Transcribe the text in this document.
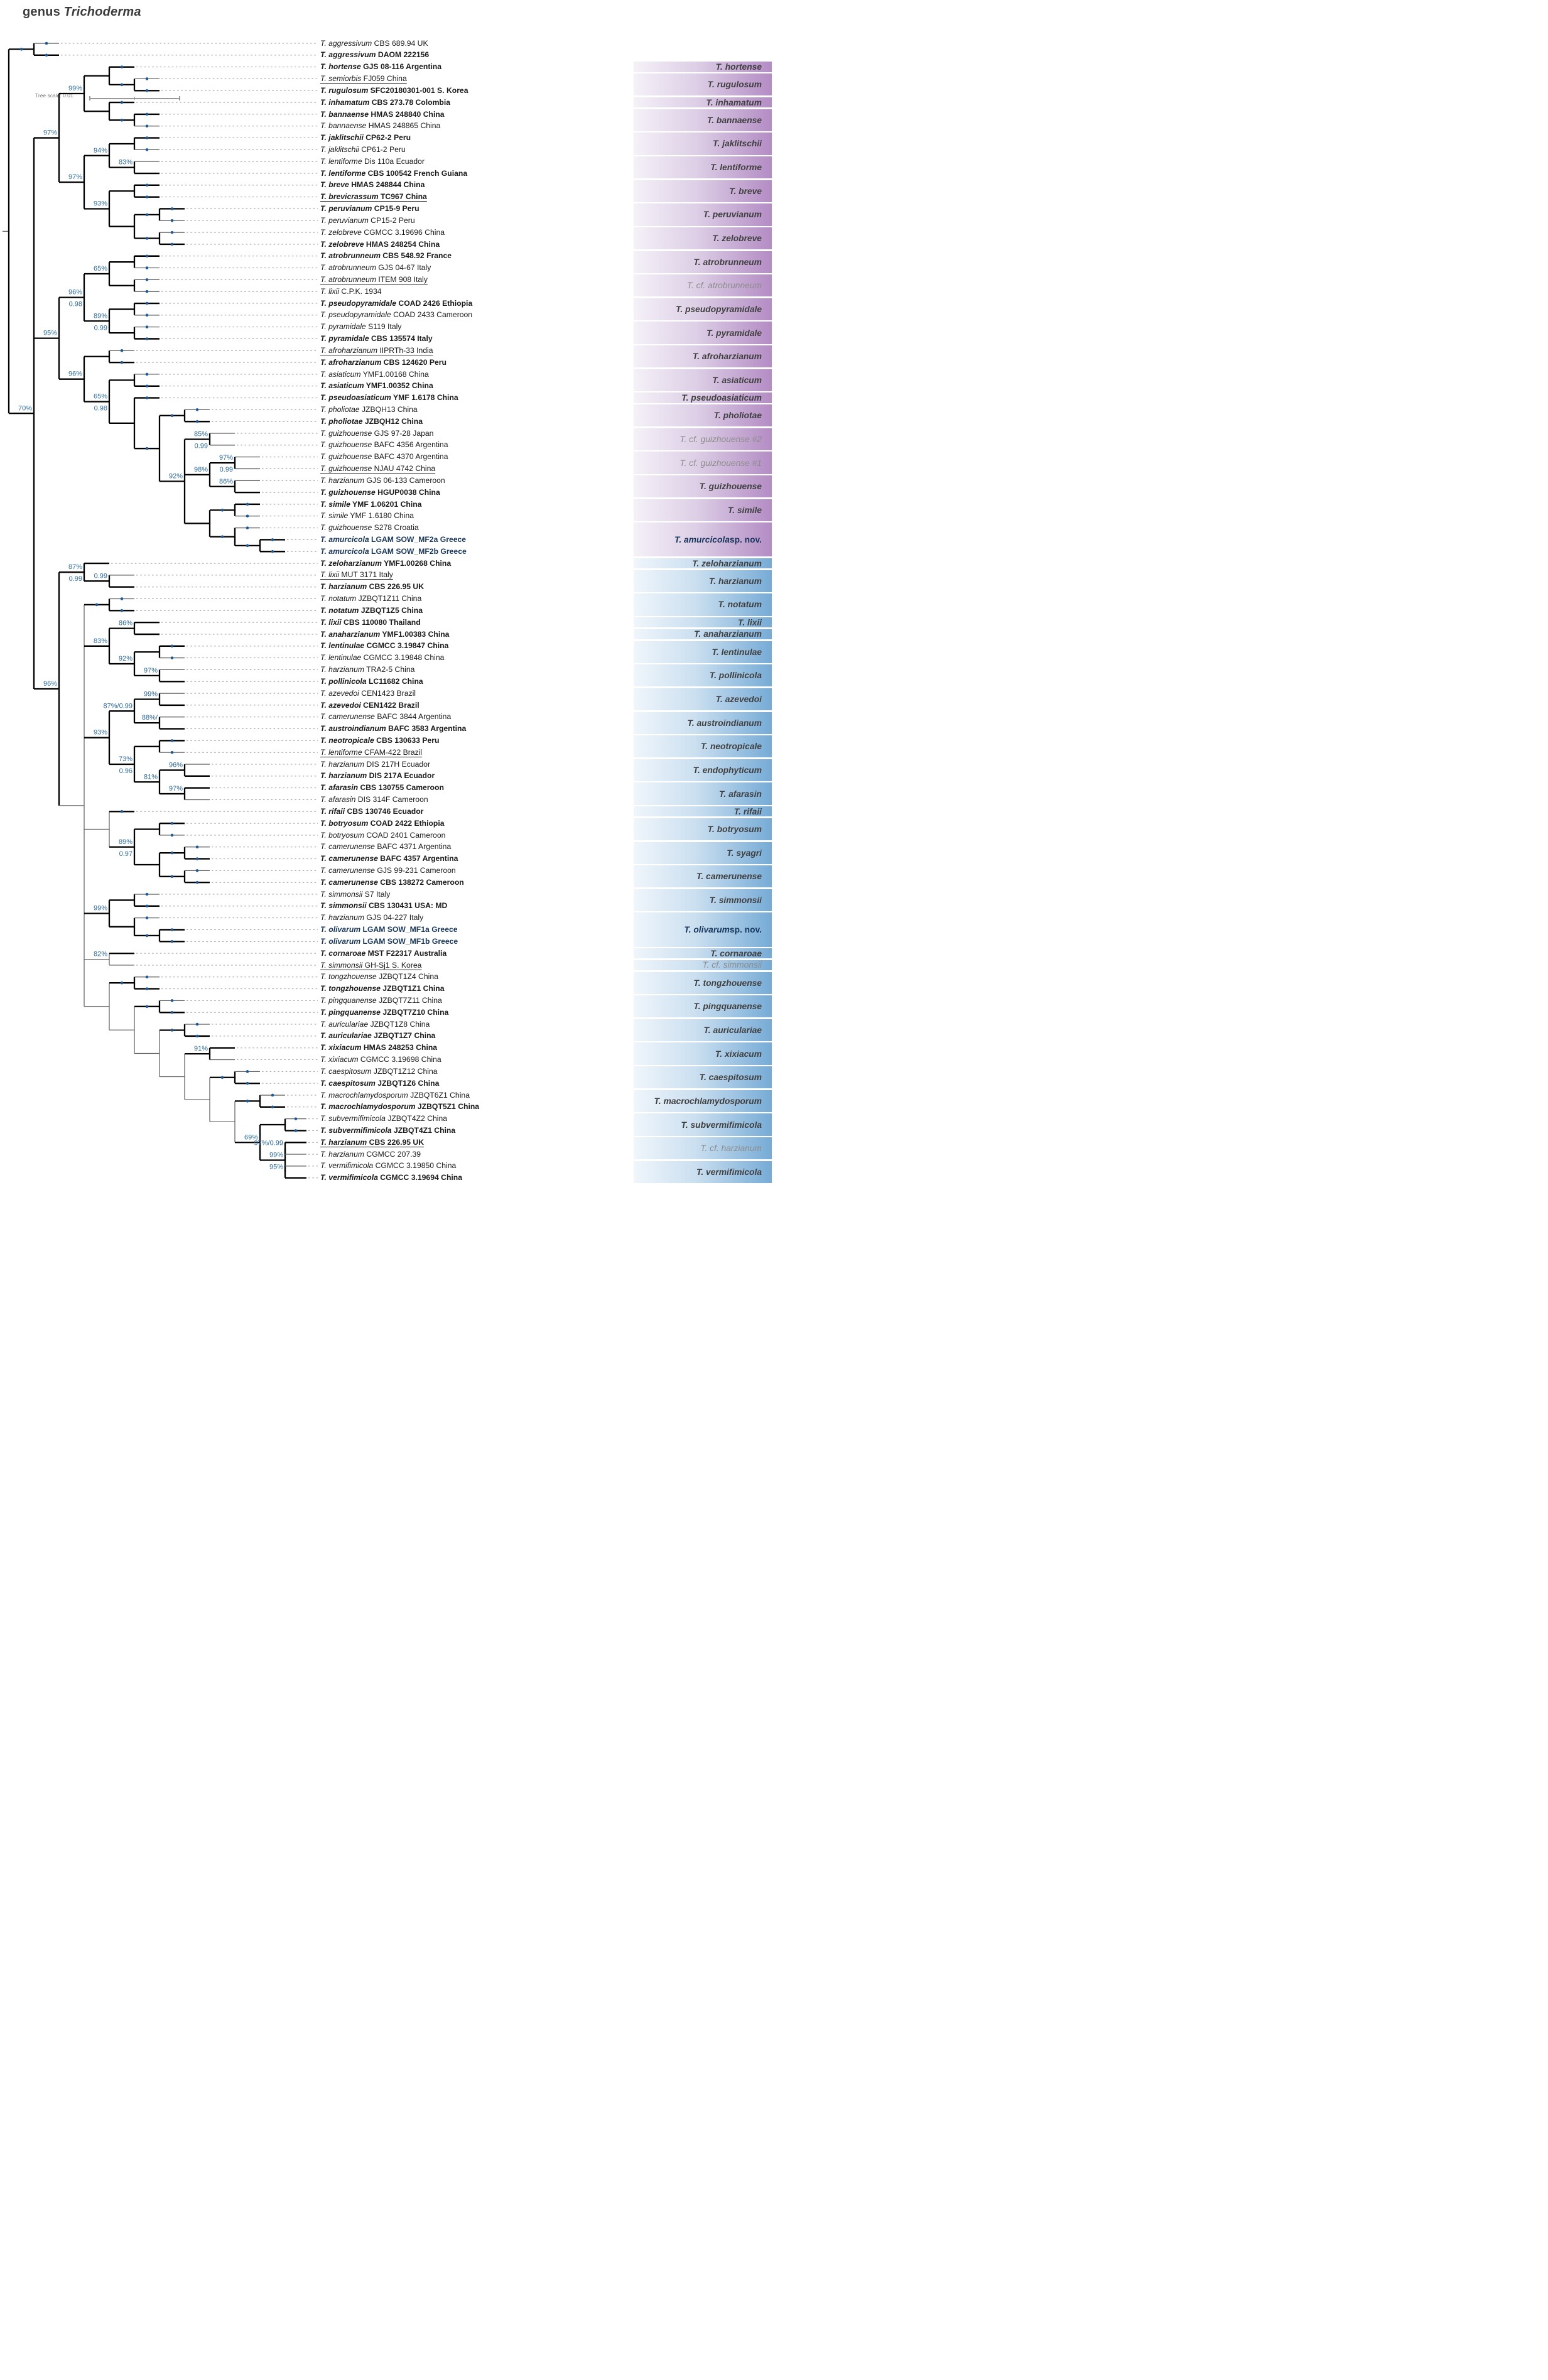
genus Trichoderma
Tree scale: 0.01
T. hortense
T. rugulosum
T. inhamatum
T. bannaense
T. jaklitschii
T. lentiforme
T. breve
T. peruvianum
T. zelobreve
T. atrobrunneum
T. cf. atrobrunneum
T. pseudopyramidale
T. pyramidale
T. afroharzianum
T. asiaticum
T. pseudoasiaticum
T. pholiotae
T. cf. guizhouense #2
T. cf. guizhouense #1
T. guizhouense
T. simile
T. amurcicola sp. nov.
T. zeloharzianum
T. harzianum
T. notatum
T. lixii
T. anaharzianum
T. lentinulae
T. pollinicola
T. azevedoi
T. austroindianum
T. neotropicale
T. endophyticum
T. afarasin
T. rifaii
T. botryosum
T. syagri
T. camerunense
T. simmonsii
T. olivarum sp. nov.
T. cornaroae
T. cf. simmonsii
T. tongzhouense
T. pingquanense
T. auriculariae
T. xixiacum
T. caespitosum
T. macrochlamydosporum
T. subvermifimicola
T. cf. harzianum
T. vermifimicola
T. aggressivum CBS 689.94 UK
T. aggressivum DAOM 222156
T. hortense GJS 08-116 Argentina
T. semiorbis FJ059 China
T. rugulosum SFC20180301-001 S. Korea
T. inhamatum CBS 273.78 Colombia
T. bannaense HMAS 248840 China
T. bannaense HMAS 248865 China
T. jaklitschii CP62-2 Peru
T. jaklitschii CP61-2 Peru
T. lentiforme Dis 110a Ecuador
T. lentiforme CBS 100542 French Guiana
T. breve HMAS 248844 China
T. brevicrassum TC967 China
T. peruvianum CP15-9 Peru
T. peruvianum CP15-2 Peru
T. zelobreve CGMCC 3.19696 China
T. zelobreve HMAS 248254 China
T. atrobrunneum CBS 548.92 France
T. atrobrunneum GJS 04-67 Italy
T. atrobrunneum ITEM 908 Italy
T. lixii C.P.K. 1934
T. pseudopyramidale COAD 2426 Ethiopia
T. pseudopyramidale COAD 2433 Cameroon
T. pyramidale S119 Italy
T. pyramidale CBS 135574 Italy
T. afroharzianum IIPRTh-33 India
T. afroharzianum CBS 124620 Peru
T. asiaticum YMF1.00168 China
T. asiaticum YMF1.00352 China
T. pseudoasiaticum YMF 1.6178 China
T. pholiotae JZBQH13 China
T. pholiotae JZBQH12 China
T. guizhouense GJS 97-28 Japan
T. guizhouense BAFC 4356 Argentina
T. guizhouense BAFC 4370 Argentina
T. guizhouense NJAU 4742 China
T. harzianum GJS 06-133 Cameroon
T. guizhouense HGUP0038 China
T. simile YMF 1.06201 China
T. simile YMF 1.6180 China
T. guizhouense S278 Croatia
T. amurcicola LGAM SOW_MF2a Greece
T. amurcicola LGAM SOW_MF2b Greece
T. zeloharzianum YMF1.00268 China
T. lixii MUT 3171 Italy
T. harzianum CBS 226.95 UK
T. notatum JZBQT1Z11 China
T. notatum JZBQT1Z5 China
T. lixii CBS 110080 Thailand
T. anaharzianum YMF1.00383 China
T. lentinulae CGMCC 3.19847 China
T. lentinulae CGMCC 3.19848 China
T. harzianum TRA2-5 China
T. pollinicola LC11682 China
T. azevedoi CEN1423 Brazil
T. azevedoi CEN1422 Brazil
T. camerunense BAFC 3844 Argentina
T. austroindianum BAFC 3583 Argentina
T. neotropicale CBS 130633 Peru
T. lentiforme CFAM-422 Brazil
T. harzianum DIS 217H Ecuador
T. harzianum DIS 217A Ecuador
T. afarasin CBS 130755 Cameroon
T. afarasin DIS 314F Cameroon
T. rifaii CBS 130746 Ecuador
T. botryosum COAD 2422 Ethiopia
T. botryosum COAD 2401 Cameroon
T. camerunense BAFC 4371 Argentina
T. camerunense BAFC 4357 Argentina
T. camerunense GJS 99-231 Cameroon
T. camerunense CBS 138272 Cameroon
T. simmonsii S7 Italy
T. simmonsii CBS 130431 USA: MD
T. harzianum GJS 04-227 Italy
T. olivarum LGAM SOW_MF1a Greece
T. olivarum LGAM SOW_MF1b Greece
T. cornaroae MST F22317 Australia
T. simmonsii GH-Sj1 S. Korea
T. tongzhouense JZBQT1Z4 China
T. tongzhouense JZBQT1Z1 China
T. pingquanense JZBQT7Z11 China
T. pingquanense JZBQT7Z10 China
T. auriculariae JZBQT1Z8 China
T. auriculariae JZBQT1Z7 China
T. xixiacum HMAS 248253 China
T. xixiacum CGMCC 3.19698 China
T. caespitosum JZBQT1Z12 China
T. caespitosum JZBQT1Z6 China
T. macrochlamydosporum JZBQT6Z1 China
T. macrochlamydosporum JZBQT5Z1 China
T. subvermifimicola JZBQT4Z2 China
T. subvermifimicola JZBQT4Z1 China
T. harzianum CBS 226.95 UK
T. harzianum CGMCC 207.39
T. vermifimicola CGMCC 3.19850 China
T. vermifimicola CGMCC 3.19694 China
99%
83%
94%
93%
97%
97%
65%
89%
0.99
96%
0.98
85%
0.99
97%
0.99
86%
98%
92%
65%
0.98
96%
95%
0.99
87%
0.99
86%
97%
92%
83%
99%
88%/
87%/0.99
96%
97%
81%
73%
0.96
93%
89%
0.97
99%
82%
91%
97%/0.99
95%
99%
69%
96%
70%
